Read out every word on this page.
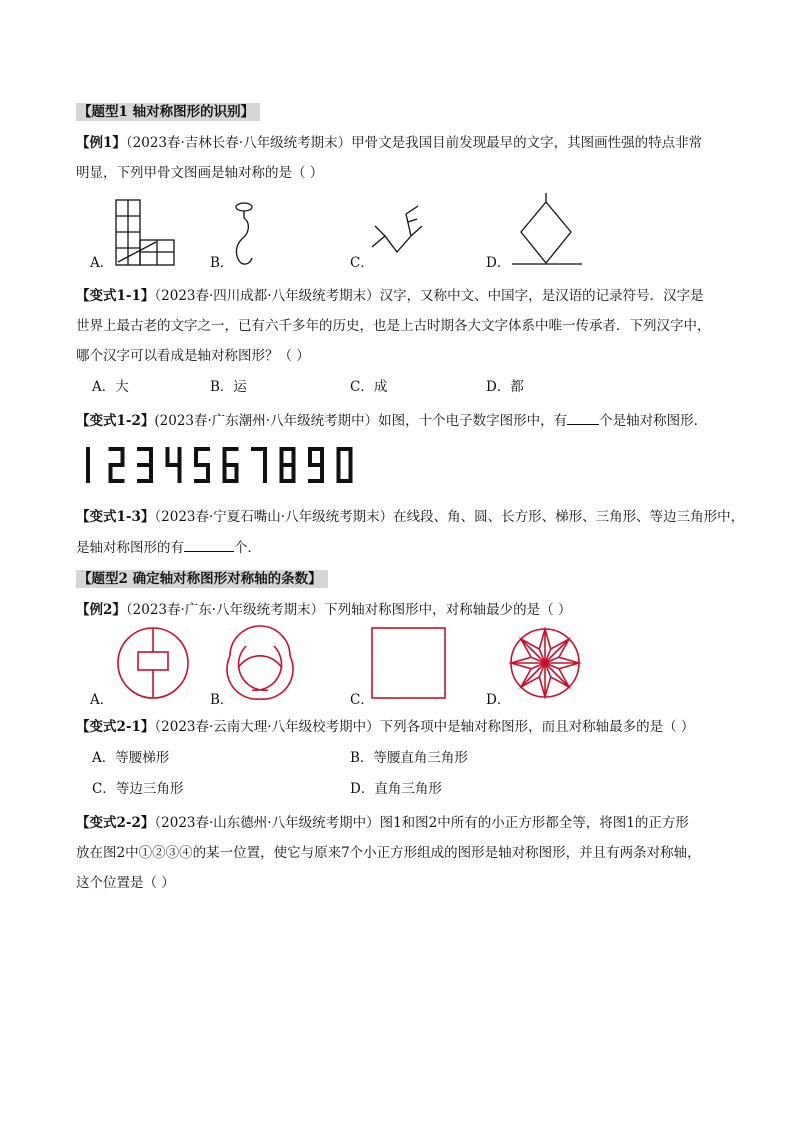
【题型1 轴对称图形的识别】
【例1】（2023春·吉林长春·八年级统考期末）甲骨文是我国目前发现最早的文字，其图画性强的特点非常
明显，下列甲骨文图画是轴对称的是（ ）
A．	B．	C．	D．
【变式1-1】（2023春·四川成都·八年级统考期末）汉字，又称中文、中国字，是汉语的记录符号．汉字是
世界上最古老的文字之一，已有六千多年的历史，也是上古时期各大文字体系中唯一传承者．下列汉字中，
哪个汉字可以看成是轴对称图形？（ ）
A．大	B．运	C．成	D．都
【变式1-2】(2023春·广东潮州·八年级统考期中）如图，十个电子数字图形中，有 个是轴对称图形．
【变式1-3】（2023春·宁夏石嘴山·八年级统考期末）在线段、角、圆、长方形、梯形、三角形、等边三角形中，
是轴对称图形的有	个．
【题型2 确定轴对称图形对称轴的条数】
【例2】（2023春·广东·八年级统考期末）下列轴对称图形中，对称轴最少的是（ ）
A．	B．	C．	D．
【变式2-1】（2023春·云南大理·八年级校考期中）下列各项中是轴对称图形，而且对称轴最多的是（ ）
A．等腰梯形	B．等腰直角三角形
C．等边三角形	D．直角三角形
【变式2-2】（2023春·山东德州·八年级统考期中）图1和图2中所有的小正方形都全等，将图1的正方形
放在图2中①②③④的某一位置，使它与原来7个小正方形组成的图形是轴对称图形，并且有两条对称轴，
这个位置是（ ）
